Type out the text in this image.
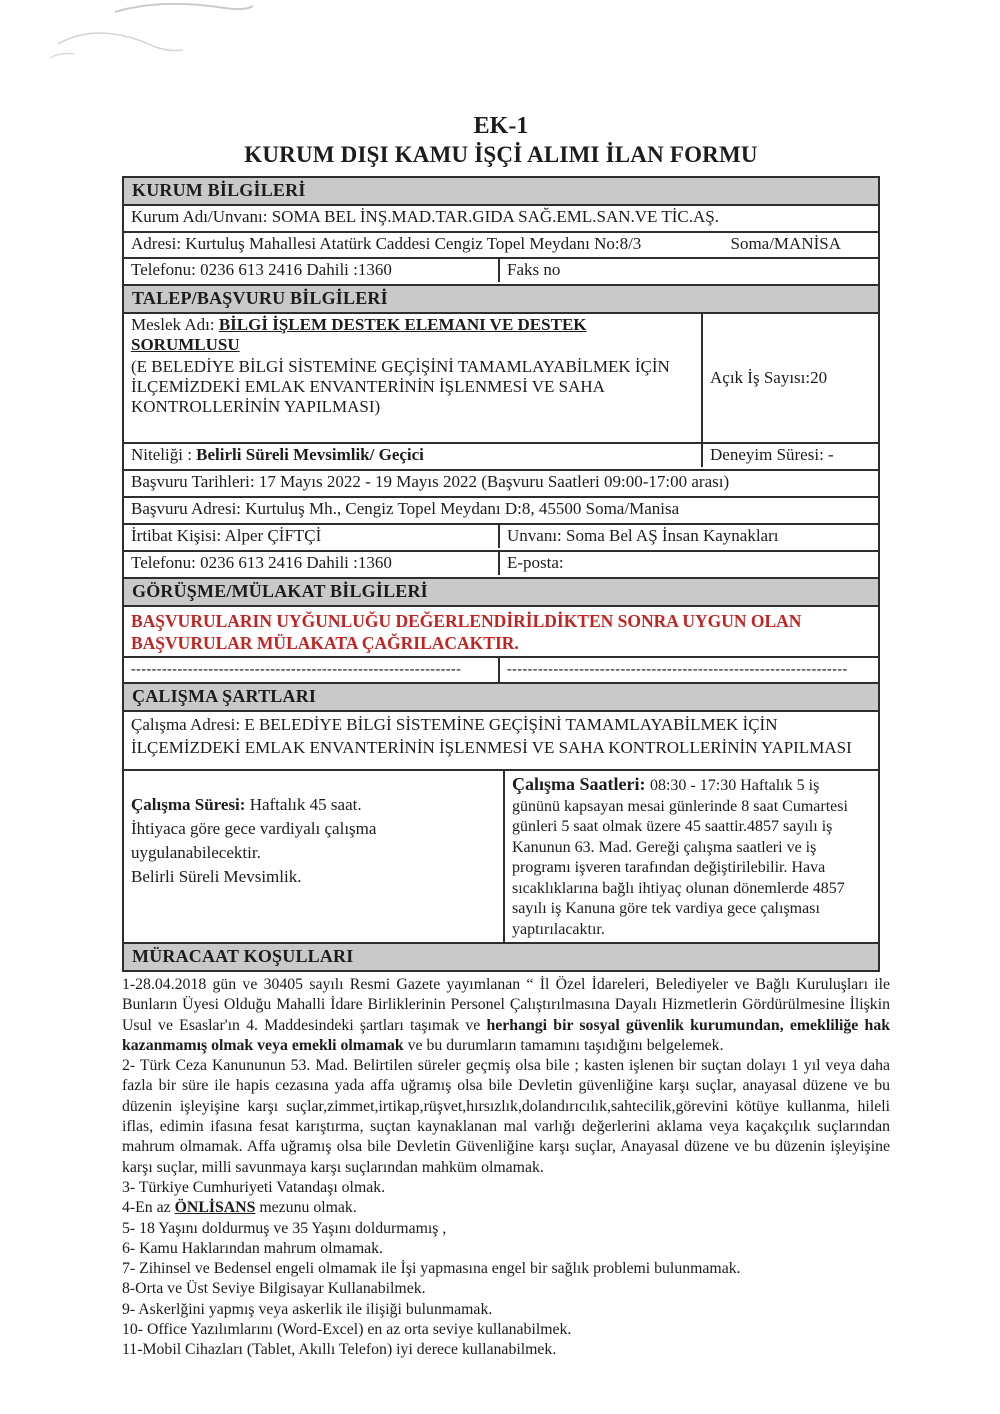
EK-1
KURUM DIŞI KAMU İŞÇİ ALIMI İLAN FORMU
KURUM BİLGİLERİ
Kurum Adı/Unvanı: SOMA BEL İNŞ.MAD.TAR.GIDA SAĞ.EML.SAN.VE TİC.AŞ.
Adresi: Kurtuluş Mahallesi Atatürk Caddesi Cengiz Topel Meydanı No:8/3	Soma/MANİSA
Telefonu: 0236 613 2416 Dahili :1360	Faks no
TALEP/BAŞVURU BİLGİLERİ
Meslek Adı: BİLGİ İŞLEM DESTEK ELEMANI VE DESTEK
SORUMLUSU
(E BELEDİYE BİLGİ SİSTEMİNE GEÇİŞİNİ TAMAMLAYABİLMEK İÇİN İLÇEMİZDEKİ EMLAK ENVANTERİNİN İŞLENMESİ VE SAHA KONTROLLERİNİN YAPILMASI)
Açık İş Sayısı:20
Niteliği : Belirli Süreli Mevsimlik/ Geçici	Deneyim Süresi: -
Başvuru Tarihleri: 17 Mayıs 2022 - 19 Mayıs 2022 (Başvuru Saatleri 09:00-17:00 arası)
Başvuru Adresi: Kurtuluş Mh., Cengiz Topel Meydanı D:8, 45500 Soma/Manisa
İrtibat Kişisi: Alper ÇİFTÇİ	Unvanı: Soma Bel AŞ İnsan Kaynakları
Telefonu: 0236 613 2416 Dahili :1360	E-posta:
GÖRÜŞME/MÜLAKAT BİLGİLERİ
BAŞVURULARIN UYĞUNLUĞU DEĞERLENDİRİLDİKTEN SONRA UYGUN OLAN
BAŞVURULAR MÜLAKATA ÇAĞRILACAKTIR.
----------------------------------------------------------------	------------------------------------------------------------------
ÇALIŞMA ŞARTLARI
Çalışma Adresi: E BELEDİYE BİLGİ SİSTEMİNE GEÇİŞİNİ TAMAMLAYABİLMEK İÇİN İLÇEMİZDEKİ EMLAK ENVANTERİNİN İŞLENMESİ VE SAHA KONTROLLERİNİN YAPILMASI
Çalışma Süresi: Haftalık 45 saat.
İhtiyaca göre gece vardiyalı çalışma uygulanabilecektir.
Belirli Süreli Mevsimlik.
Çalışma Saatleri: 08:30 - 17:30 Haftalık 5 iş gününü kapsayan mesai günlerinde 8 saat Cumartesi günleri 5 saat olmak üzere 45 saattir.4857 sayılı iş Kanunun 63. Mad. Gereği çalışma saatleri ve iş programı işveren tarafından değiştirilebilir. Hava sıcaklıklarına bağlı ihtiyaç olunan dönemlerde 4857 sayılı iş Kanuna göre tek vardiya gece çalışması yaptırılacaktır.
MÜRACAAT KOŞULLARI
1-28.04.2018 gün ve 30405 sayılı Resmi Gazete yayımlanan “ İl Özel İdareleri, Belediyeler ve Bağlı Kuruluşları ile Bunların Üyesi Olduğu Mahalli İdare Birliklerinin Personel Çalıştırılmasına Dayalı Hizmetlerin Gördürülmesine İlişkin Usul ve Esaslar'ın 4. Maddesindeki şartları taşımak ve herhangi bir sosyal güvenlik kurumundan, emekliliğe hak kazanmamış olmak veya emekli olmamak ve bu durumların tamamını taşıdığını belgelemek.
2- Türk Ceza Kanununun 53. Mad. Belirtilen süreler geçmiş olsa bile ; kasten işlenen bir suçtan dolayı 1 yıl veya daha fazla bir süre ile hapis cezasına yada affa uğramış olsa bile Devletin güvenliğine karşı suçlar, anayasal düzene ve bu düzenin işleyişine karşı suçlar,zimmet,irtikap,rüşvet,hırsızlık,dolandırıcılık,sahtecilik,görevini kötüye kullanma, hileli iflas, edimin ifasına fesat karıştırma, suçtan kaynaklanan mal varlığı değerlerini aklama veya kaçakçılık suçlarından mahrum olmamak. Affa uğramış olsa bile Devletin Güvenliğine karşı suçlar, Anayasal düzene ve bu düzenin işleyişine karşı suçlar, milli savunmaya karşı suçlarından mahküm olmamak.
3- Türkiye Cumhuriyeti Vatandaşı olmak.
4-En az ÖNLİSANS mezunu olmak.
5- 18 Yaşını doldurmuş ve 35 Yaşını doldurmamış ,
6- Kamu Haklarından mahrum olmamak.
7- Zihinsel ve Bedensel engeli olmamak ile İşi yapmasına engel bir sağlık problemi bulunmamak.
8-Orta ve Üst Seviye Bilgisayar Kullanabilmek.
9- Askerlğini yapmış veya askerlik ile ilişiği bulunmamak.
10- Office Yazılımlarını (Word-Excel) en az orta seviye kullanabilmek.
11-Mobil Cihazları (Tablet, Akıllı Telefon) iyi derece kullanabilmek.
